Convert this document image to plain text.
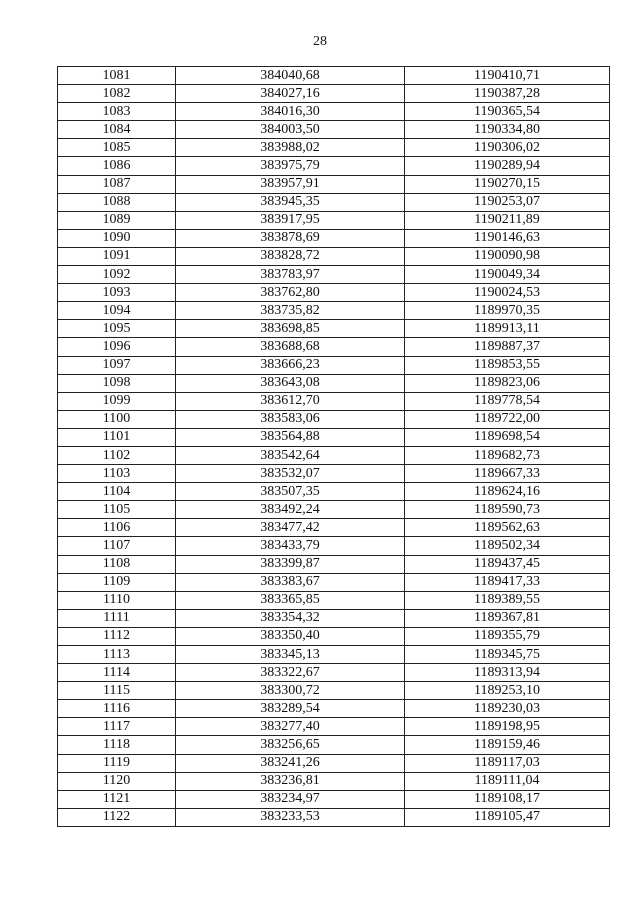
28
1081	384040,68	1190410,71
1082	384027,16	1190387,28
1083	384016,30	1190365,54
1084	384003,50	1190334,80
1085	383988,02	1190306,02
1086	383975,79	1190289,94
1087	383957,91	1190270,15
1088	383945,35	1190253,07
1089	383917,95	1190211,89
1090	383878,69	1190146,63
1091	383828,72	1190090,98
1092	383783,97	1190049,34
1093	383762,80	1190024,53
1094	383735,82	1189970,35
1095	383698,85	1189913,11
1096	383688,68	1189887,37
1097	383666,23	1189853,55
1098	383643,08	1189823,06
1099	383612,70	1189778,54
1100	383583,06	1189722,00
1101	383564,88	1189698,54
1102	383542,64	1189682,73
1103	383532,07	1189667,33
1104	383507,35	1189624,16
1105	383492,24	1189590,73
1106	383477,42	1189562,63
1107	383433,79	1189502,34
1108	383399,87	1189437,45
1109	383383,67	1189417,33
1110	383365,85	1189389,55
1111	383354,32	1189367,81
1112	383350,40	1189355,79
1113	383345,13	1189345,75
1114	383322,67	1189313,94
1115	383300,72	1189253,10
1116	383289,54	1189230,03
1117	383277,40	1189198,95
1118	383256,65	1189159,46
1119	383241,26	1189117,03
1120	383236,81	1189111,04
1121	383234,97	1189108,17
1122	383233,53	1189105,47
